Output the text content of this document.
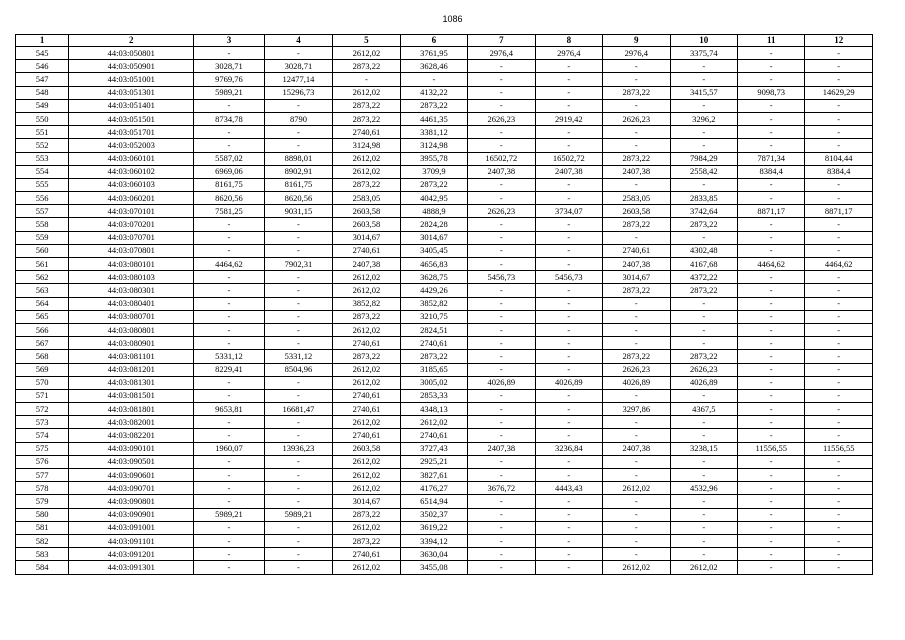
1086
1	2	3	4	5	6	7	8	9	10	11	12
545	44:03:050801	-	-	2612,02	3761,95	2976,4	2976,4	2976,4	3375,74	-	-
546	44:03:050901	3028,71	3028,71	2873,22	3628,46	-	-	-	-	-	-
547	44:03:051001	9769,76	12477,14	-	-	-	-	-	-	-	-
548	44:03:051301	5989,21	15296,73	2612,02	4132,22	-	-	2873,22	3415,57	9098,73	14629,29
549	44:03:051401	-	-	2873,22	2873,22	-	-	-	-	-	-
550	44:03:051501	8734,78	8790	2873,22	4461,35	2626,23	2919,42	2626,23	3296,2	-	-
551	44:03:051701	-	-	2740,61	3381,12	-	-	-	-	-	-
552	44:03:052003	-	-	3124,98	3124,98	-	-	-	-	-	-
553	44:03:060101	5587,02	8898,01	2612,02	3955,78	16502,72	16502,72	2873,22	7984,29	7871,34	8104,44
554	44:03:060102	6969,06	8902,91	2612,02	3709,9	2407,38	2407,38	2407,38	2558,42	8384,4	8384,4
555	44:03:060103	8161,75	8161,75	2873,22	2873,22	-	-	-	-	-	-
556	44:03:060201	8620,56	8620,56	2583,05	4042,95	-	-	2583,05	2833,85	-	-
557	44:03:070101	7581,25	9031,15	2603,58	4888,9	2626,23	3734,07	2603,58	3742,64	8871,17	8871,17
558	44:03:070201	-	-	2603,58	2824,28	-	-	2873,22	2873,22	-	-
559	44:03:070701	-	-	3014,67	3014,67	-	-	-	-	-	-
560	44:03:070801	-	-	2740,61	3405,45	-	-	2740,61	4302,48	-	-
561	44:03:080101	4464,62	7902,31	2407,38	4656,83	-	-	2407,38	4167,68	4464,62	4464,62
562	44:03:080103	-	-	2612,02	3628,75	5456,73	5456,73	3014,67	4372,22	-	-
563	44:03:080301	-	-	2612,02	4429,26	-	-	2873,22	2873,22	-	-
564	44:03:080401	-	-	3852,82	3852,82	-	-	-	-	-	-
565	44:03:080701	-	-	2873,22	3210,75	-	-	-	-	-	-
566	44:03:080801	-	-	2612,02	2824,51	-	-	-	-	-	-
567	44:03:080901	-	-	2740,61	2740,61	-	-	-	-	-	-
568	44:03:081101	5331,12	5331,12	2873,22	2873,22	-	-	2873,22	2873,22	-	-
569	44:03:081201	8229,41	8504,96	2612,02	3185,65	-	-	2626,23	2626,23	-	-
570	44:03:081301	-	-	2612,02	3005,02	4026,89	4026,89	4026,89	4026,89	-	-
571	44:03:081501	-	-	2740,61	2853,33	-	-	-	-	-	-
572	44:03:081801	9653,81	16681,47	2740,61	4348,13	-	-	3297,86	4367,5	-	-
573	44:03:082001	-	-	2612,02	2612,02	-	-	-	-	-	-
574	44:03:082201	-	-	2740,61	2740,61	-	-	-	-	-	-
575	44:03:090101	1960,07	13936,23	2603,58	3727,43	2407,38	3236,84	2407,38	3238,15	11556,55	11556,55
576	44:03:090501	-	-	2612,02	2925,21	-	-	-	-	-	-
577	44:03:090601	-	-	2612,02	3827,61	-	-	-	-	-	-
578	44:03:090701	-	-	2612,02	4176,27	3676,72	4443,43	2612,02	4532,96	-	-
579	44:03:090801	-	-	3014,67	6514,94	-	-	-	-	-	-
580	44:03:090901	5989,21	5989,21	2873,22	3502,37	-	-	-	-	-	-
581	44:03:091001	-	-	2612,02	3619,22	-	-	-	-	-	-
582	44:03:091101	-	-	2873,22	3394,12	-	-	-	-	-	-
583	44:03:091201	-	-	2740,61	3630,04	-	-	-	-	-	-
584	44:03:091301	-	-	2612,02	3455,08	-	-	2612,02	2612,02	-	-
